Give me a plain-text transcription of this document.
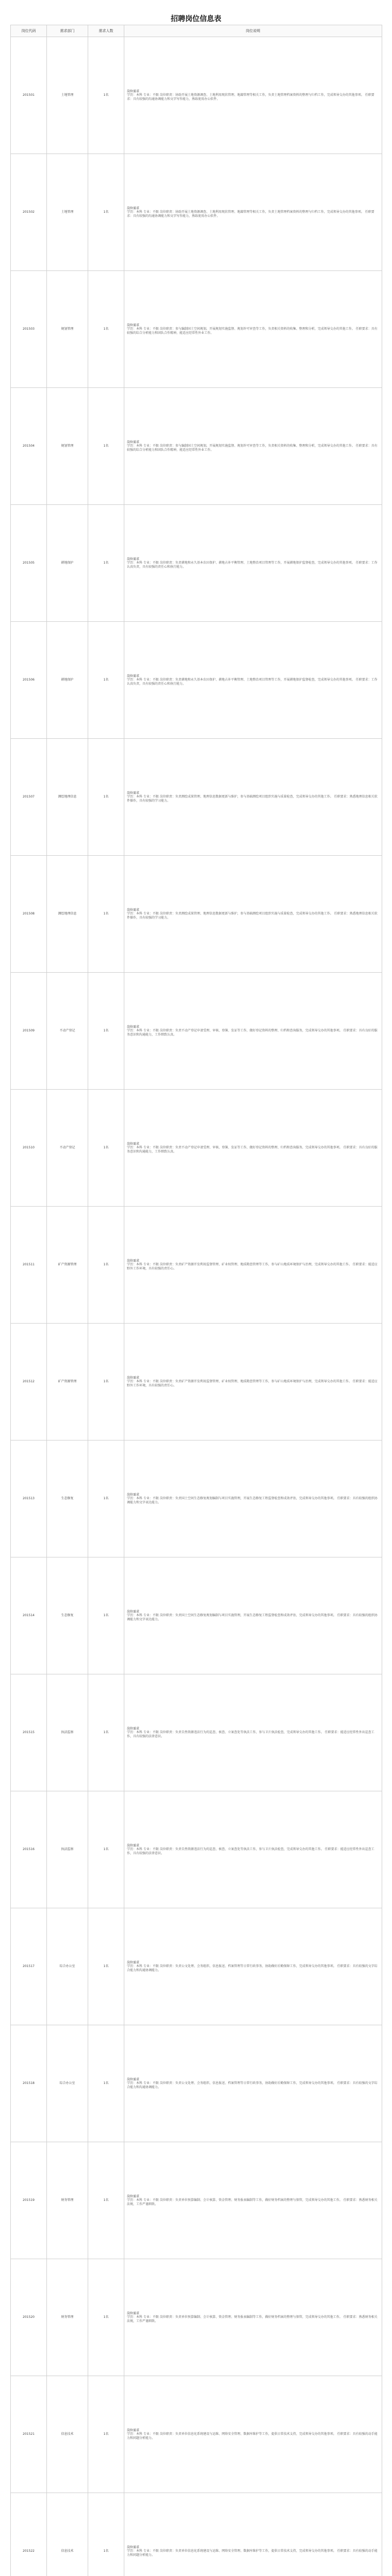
招聘岗位信息表
岗位代码	需求部门	需求人数	岗位说明
201501	土地管理	1名	岗位需求
学历：本科 专业：不限 岗位职责：协助开展土地资源调查、土地利用现状管理、地籍管理等相关工作，负责土地管理档案资料的整理与归档工作，完成领导交办的其他事项。 任职要求：具有较强的沟通协调能力和文字写作能力，熟练使用办公软件。

201502	土地管理	1名	岗位需求
学历：本科 专业：不限 岗位职责：协助开展土地资源调查、土地利用现状管理、地籍管理等相关工作，负责土地管理档案资料的整理与归档工作，完成领导交办的其他事项。 任职要求：具有较强的沟通协调能力和文字写作能力，熟练使用办公软件。

201503	规划管理	1名	岗位需求
学历：本科 专业：不限 岗位职责：参与编制国土空间规划，开展规划实施监督、规划许可审查等工作，负责相关资料的收集、整理和分析，完成领导交办的其他工作。 任职要求：具有较强的综合分析能力和团队合作精神，能适应经常性外业工作。

201504	规划管理	1名	岗位需求
学历：本科 专业：不限 岗位职责：参与编制国土空间规划，开展规划实施监督、规划许可审查等工作，负责相关资料的收集、整理和分析，完成领导交办的其他工作。 任职要求：具有较强的综合分析能力和团队合作精神，能适应经常性外业工作。

201505	耕地保护	1名	岗位需求
学历：本科 专业：不限 岗位职责：负责耕地和永久基本农田保护、耕地占补平衡管理、土地整治项目管理等工作，开展耕地保护监督检查，完成领导交办的其他事项。 任职要求：工作认真负责，具有较强的责任心和执行能力。

201506	耕地保护	1名	岗位需求
学历：本科 专业：不限 岗位职责：负责耕地和永久基本农田保护、耕地占补平衡管理、土地整治项目管理等工作，开展耕地保护监督检查，完成领导交办的其他事项。 任职要求：工作认真负责，具有较强的责任心和执行能力。

201507	测绘地理信息	1名	岗位需求
学历：本科 专业：不限 岗位职责：负责测绘成果管理、地理信息数据更新与维护，参与基础测绘项目组织实施与质量检查，完成领导交办的其他工作。 任职要求：熟悉地理信息相关软件操作，具有较强的学习能力。

201508	测绘地理信息	1名	岗位需求
学历：本科 专业：不限 岗位职责：负责测绘成果管理、地理信息数据更新与维护，参与基础测绘项目组织实施与质量检查，完成领导交办的其他工作。 任职要求：熟悉地理信息相关软件操作，具有较强的学习能力。

201509	不动产登记	1名	岗位需求
学历：本科 专业：不限 岗位职责：负责不动产登记申请受理、审核、登簿、发证等工作，做好登记资料的整理、归档和查询服务，完成领导交办的其他事项。 任职要求：具有良好的服务意识和沟通能力，工作细致认真。

201510	不动产登记	1名	岗位需求
学历：本科 专业：不限 岗位职责：负责不动产登记申请受理、审核、登簿、发证等工作，做好登记资料的整理、归档和查询服务，完成领导交办的其他事项。 任职要求：具有良好的服务意识和沟通能力，工作细致认真。

201511	矿产资源管理	1名	岗位需求
学历：本科 专业：不限 岗位职责：负责矿产资源开发利用监督管理、矿业权管理、地质勘查管理等工作，参与矿山地质环境保护与治理，完成领导交办的其他工作。 任职要求：能适应野外工作环境，具有较强的责任心。

201512	矿产资源管理	1名	岗位需求
学历：本科 专业：不限 岗位职责：负责矿产资源开发利用监督管理、矿业权管理、地质勘查管理等工作，参与矿山地质环境保护与治理，完成领导交办的其他工作。 任职要求：能适应野外工作环境，具有较强的责任心。

201513	生态修复	1名	岗位需求
学历：本科 专业：不限 岗位职责：负责国土空间生态修复规划编制与项目实施管理，开展生态修复工程监督检查和成效评估，完成领导交办的其他事项。 任职要求：具有较强的组织协调能力和文字表达能力。

201514	生态修复	1名	岗位需求
学历：本科 专业：不限 岗位职责：负责国土空间生态修复规划编制与项目实施管理，开展生态修复工程监督检查和成效评估，完成领导交办的其他事项。 任职要求：具有较强的组织协调能力和文字表达能力。

201515	执法监察	1名	岗位需求
学历：本科 专业：不限 岗位职责：负责自然资源违法行为的巡查、核查、立案查处等执法工作，参与卫片执法检查，完成领导交办的其他工作。 任职要求：能适应经常性外出巡查工作，具有较强的法律意识。

201516	执法监察	1名	岗位需求
学历：本科 专业：不限 岗位职责：负责自然资源违法行为的巡查、核查、立案查处等执法工作，参与卫片执法检查，完成领导交办的其他工作。 任职要求：能适应经常性外出巡查工作，具有较强的法律意识。

201517	综合办公室	1名	岗位需求
学历：本科 专业：不限 岗位职责：负责公文处理、会务组织、信息报送、档案管理等日常行政事务，协助做好后勤保障工作，完成领导交办的其他事项。 任职要求：具有较强的文字综合能力和沟通协调能力。

201518	综合办公室	1名	岗位需求
学历：本科 专业：不限 岗位职责：负责公文处理、会务组织、信息报送、档案管理等日常行政事务，协助做好后勤保障工作，完成领导交办的其他事项。 任职要求：具有较强的文字综合能力和沟通协调能力。

201519	财务管理	1名	岗位需求
学历：本科 专业：不限 岗位职责：负责单位预算编制、会计核算、资金管理、财务报表编制等工作，做好财务档案的整理与保管，完成领导交办的其他工作。 任职要求：熟悉财务相关法规，工作严谨细致。

201520	财务管理	1名	岗位需求
学历：本科 专业：不限 岗位职责：负责单位预算编制、会计核算、资金管理、财务报表编制等工作，做好财务档案的整理与保管，完成领导交办的其他工作。 任职要求：熟悉财务相关法规，工作严谨细致。

201521	信息技术	1名	岗位需求
学历：本科 专业：不限 岗位职责：负责单位信息化系统建设与运维、网络安全管理、数据库维护等工作，提供日常技术支持，完成领导交办的其他事项。 任职要求：具有较强的动手能力和问题分析能力。

201522	信息技术	1名	岗位需求
学历：本科 专业：不限 岗位职责：负责单位信息化系统建设与运维、网络安全管理、数据库维护等工作，提供日常技术支持，完成领导交办的其他事项。 任职要求：具有较强的动手能力和问题分析能力。
